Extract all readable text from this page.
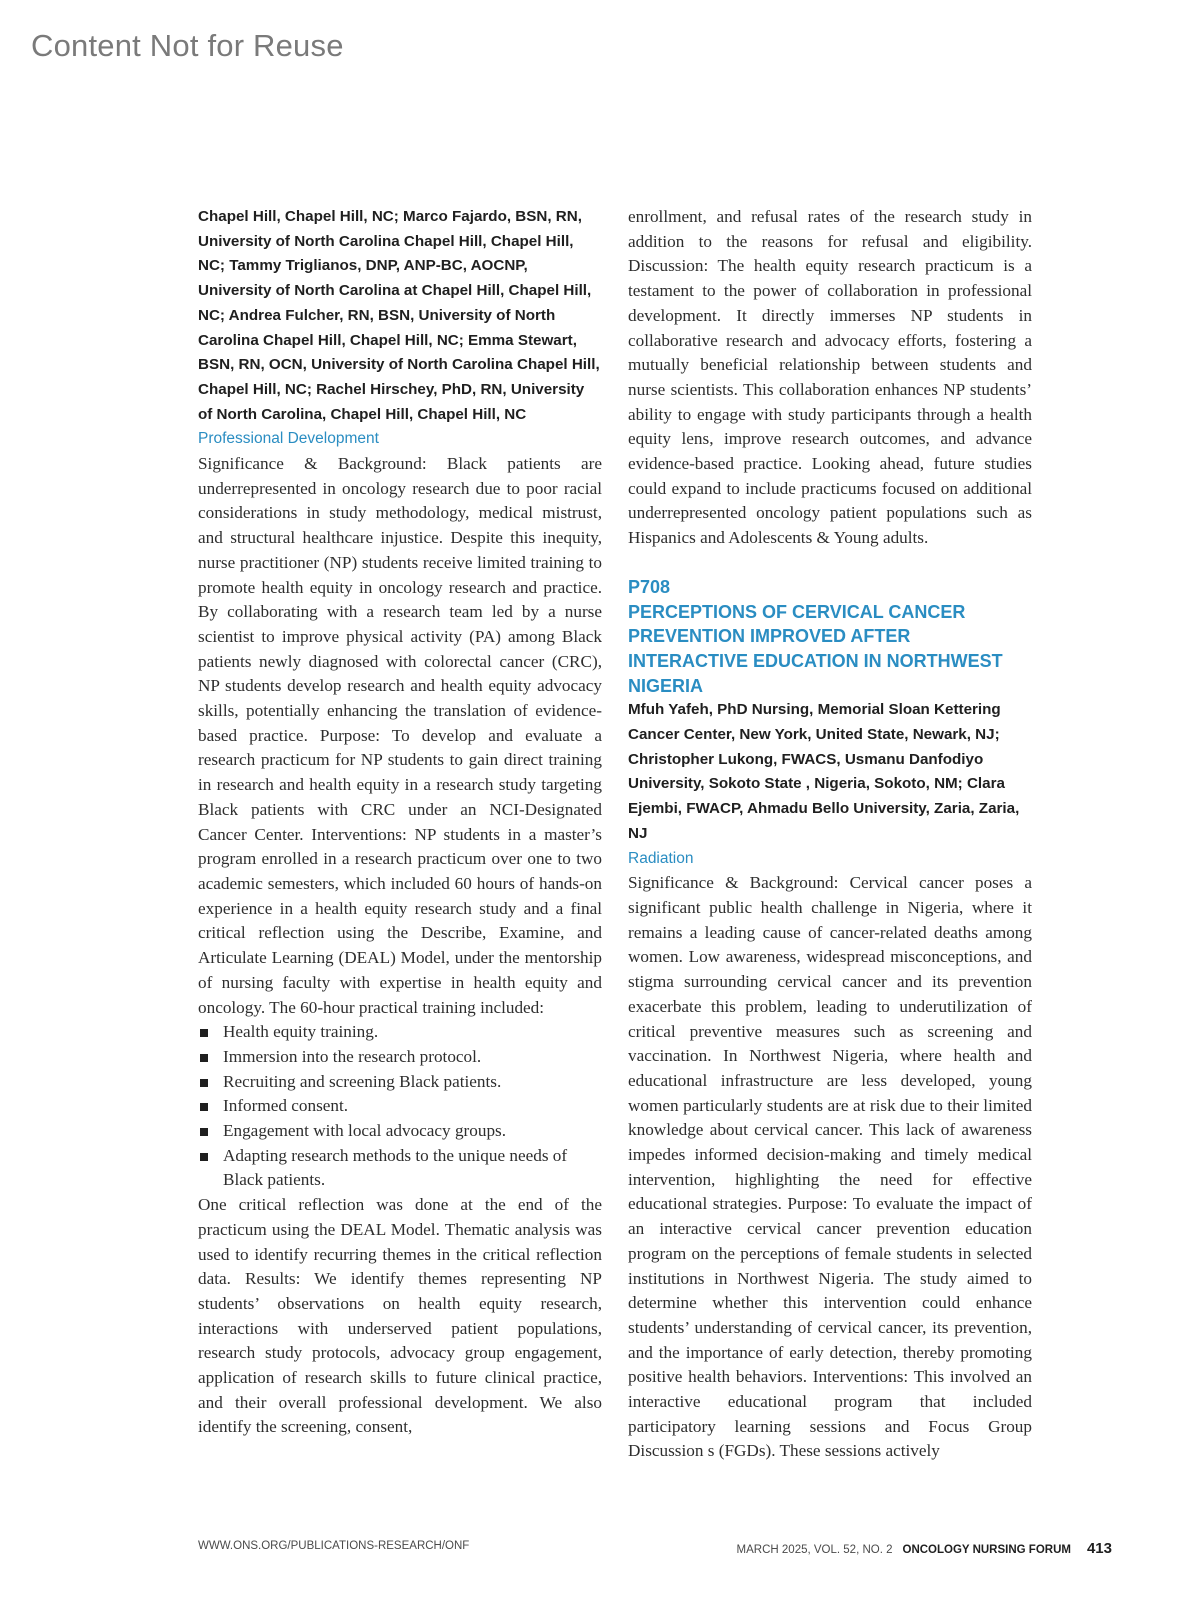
Content Not for Reuse

Chapel Hill, Chapel Hill, NC; Marco Fajardo, BSN, RN, University of North Carolina Chapel Hill, Chapel Hill, NC; Tammy Triglianos, DNP, ANP-BC, AOCNP, University of North Carolina at Chapel Hill, Chapel Hill, NC; Andrea Fulcher, RN, BSN, University of North Carolina Chapel Hill, Chapel Hill, NC; Emma Stewart, BSN, RN, OCN, University of North Carolina Chapel Hill, Chapel Hill, NC; Rachel Hirschey, PhD, RN, University of North Carolina, Chapel Hill, Chapel Hill, NC

Professional Development

Significance & Background: Black patients are underrepresented in oncology research due to poor racial considerations in study methodology, medical mistrust, and structural healthcare injustice. Despite this inequity, nurse practitioner (NP) students receive limited training to promote health equity in oncology research and practice. By collaborating with a research team led by a nurse scientist to improve physical activity (PA) among Black patients newly diagnosed with colorectal cancer (CRC), NP students develop research and health equity advocacy skills, potentially enhancing the translation of evidence-based practice. Purpose: To develop and evaluate a research practicum for NP students to gain direct training in research and health equity in a research study targeting Black patients with CRC under an NCI-Designated Cancer Center. Interventions: NP students in a master’s program enrolled in a research practicum over one to two academic semesters, which included 60 hours of hands-on experience in a health equity research study and a final critical reflection using the Describe, Examine, and Articulate Learning (DEAL) Model, under the mentorship of nursing faculty with expertise in health equity and oncology. The 60-hour practical training included:

Health equity training.
Immersion into the research protocol.
Recruiting and screening Black patients.
Informed consent.
Engagement with local advocacy groups.
Adapting research methods to the unique needs of Black patients.

One critical reflection was done at the end of the practicum using the DEAL Model. Thematic analysis was used to identify recurring themes in the critical reflection data. Results: We identify themes representing NP students’ observations on health equity research, interactions with underserved patient populations, research study protocols, advocacy group engagement, application of research skills to future clinical practice, and their overall professional development. We also identify the screening, consent,

enrollment, and refusal rates of the research study in addition to the reasons for refusal and eligibility. Discussion: The health equity research practicum is a testament to the power of collaboration in professional development. It directly immerses NP students in collaborative research and advocacy efforts, fostering a mutually beneficial relationship between students and nurse scientists. This collaboration enhances NP students’ ability to engage with study participants through a health equity lens, improve research outcomes, and advance evidence-based practice. Looking ahead, future studies could expand to include practicums focused on additional underrepresented oncology patient populations such as Hispanics and Adolescents & Young adults.

P708

PERCEPTIONS OF CERVICAL CANCER PREVENTION IMPROVED AFTER INTERACTIVE EDUCATION IN NORTHWEST NIGERIA

Mfuh Yafeh, PhD Nursing, Memorial Sloan Kettering Cancer Center, New York, United State, Newark, NJ; Christopher Lukong, FWACS, Usmanu Danfodiyo University, Sokoto State , Nigeria, Sokoto, NM; Clara Ejembi, FWACP, Ahmadu Bello University, Zaria, Zaria, NJ

Radiation

Significance & Background: Cervical cancer poses a significant public health challenge in Nigeria, where it remains a leading cause of cancer-related deaths among women. Low awareness, widespread misconceptions, and stigma surrounding cervical cancer and its prevention exacerbate this problem, leading to underutilization of critical preventive measures such as screening and vaccination. In Northwest Nigeria, where health and educational infrastructure are less developed, young women particularly students are at risk due to their limited knowledge about cervical cancer. This lack of awareness impedes informed decision-making and timely medical intervention, highlighting the need for effective educational strategies. Purpose: To evaluate the impact of an interactive cervical cancer prevention education program on the perceptions of female students in selected institutions in Northwest Nigeria. The study aimed to determine whether this intervention could enhance students’ understanding of cervical cancer, its prevention, and the importance of early detection, thereby promoting positive health behaviors. Interventions: This involved an interactive educational program that included participatory learning sessions and Focus Group Discussion s (FGDs). These sessions actively

WWW.ONS.ORG/PUBLICATIONS-RESEARCH/ONF	MARCH 2025, VOL. 52, NO. 2 ONCOLOGY NURSING FORUM 413
